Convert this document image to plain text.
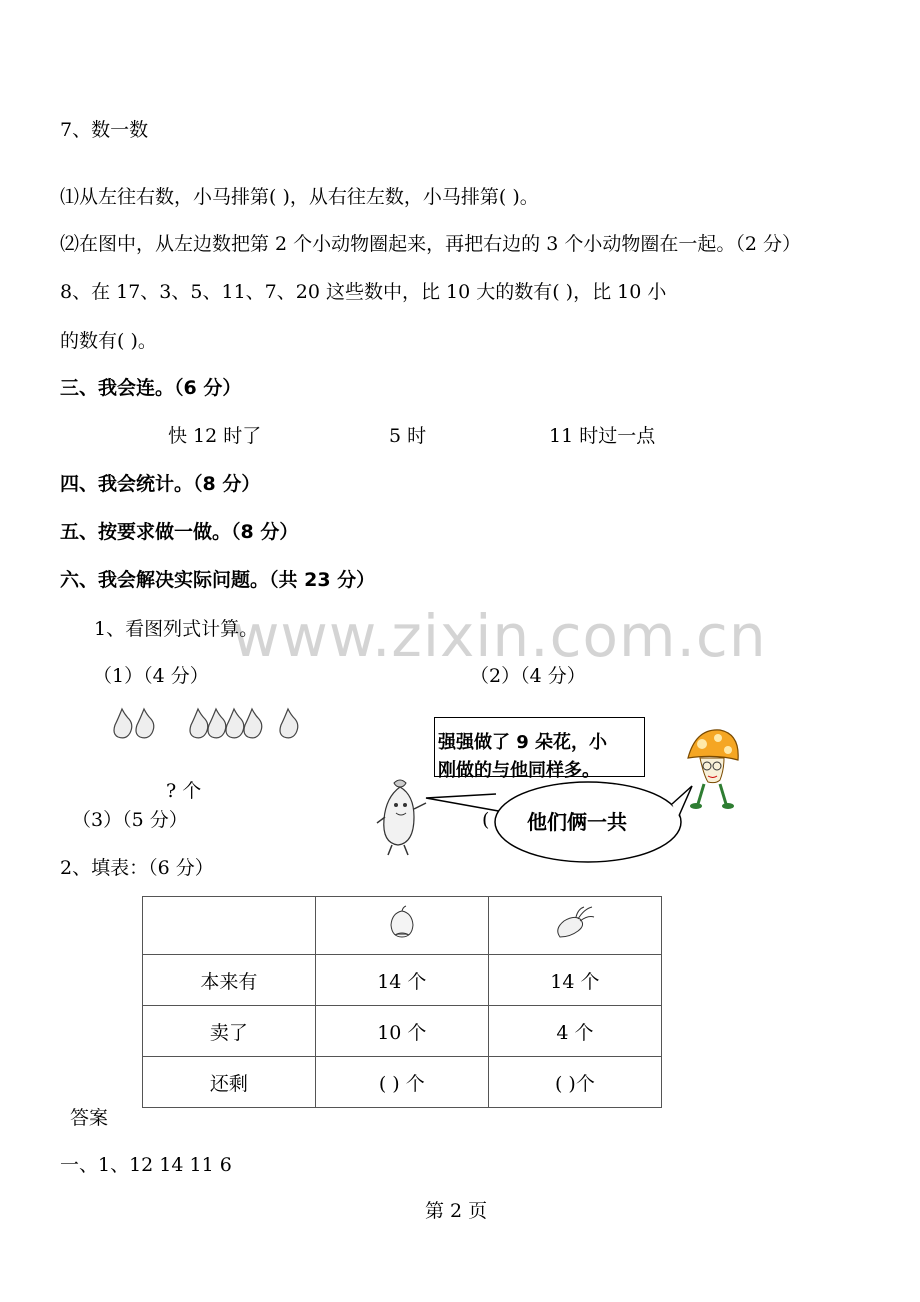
www.zixin.com.cn
7、数一数
⑴从左往右数，小马排第( )，从右往左数，小马排第( )。
⑵在图中，从左边数把第 2 个小动物圈起来，再把右边的 3 个小动物圈在一起。（2 分）
8、在 17、3、5、11、7、20 这些数中，比 10 大的数有( )，比 10 小
的数有( )。
三、我会连。（6 分）
快 12 时了	5 时	11 时过一点
四、我会统计。（8 分）
五、按要求做一做。（8 分）
六、我会解决实际问题。（共 23 分）
1、看图列式计算。
（1）（4 分）	（2）（4 分）
? 个
（3）（5 分）	(
强强做了 9 朵花，小
刚做的与他同样多。
他们俩一共
2、填表：（6 分）

本来有	14 个	14 个
卖了	10 个	4 个
还剩	( ) 个	( )个
答案
一、1、12 14 11 6
第 2 页
